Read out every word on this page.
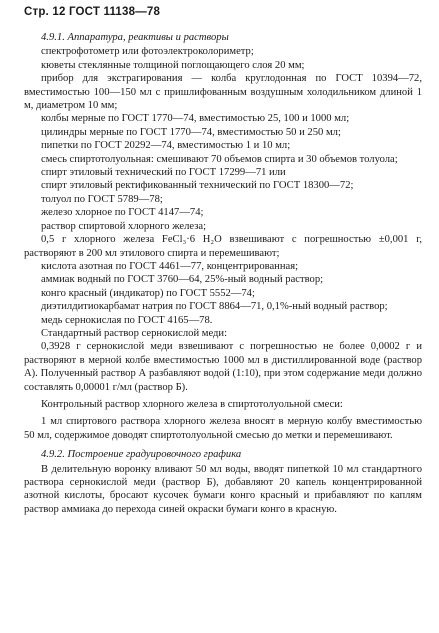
Стр. 12 ГОСТ 11138—78

4.9.1. Аппаратура, реактивы и растворы

спектрофотометр или фотоэлектроколориметр;

кюветы стеклянные толщиной поглощающего слоя 20 мм;

прибор для экстрагирования — колба круглодонная по ГОСТ 10394—72, вместимостью 100—150 мл с пришлифованным воздушным холодильником длиной 1 м, диаметром 10 мм;

колбы мерные по ГОСТ 1770—74, вместимостью 25, 100 и 1000 мл;

цилиндры мерные по ГОСТ 1770—74, вместимостью 50 и 250 мл;

пипетки по ГОСТ 20292—74, вместимостью 1 и 10 мл;

смесь спиртотолуольная: смешивают 70 объемов спирта и 30 объемов толуола;

спирт этиловый технический по ГОСТ 17299—71 или

спирт этиловый ректификованный технический по ГОСТ 18300—72;

толуол по ГОСТ 5789—78;

железо хлорное по ГОСТ 4147—74;

раствор спиртовой хлорного железа;

0,5 г хлорного железа FeCl₃·6 H₂O взвешивают с погрешностью ±0,001 г, растворяют в 200 мл этилового спирта и перемешивают;

кислота азотная по ГОСТ 4461—77, концентрированная;

аммиак водный по ГОСТ 3760—64, 25%-ный водный раствор;

конго красный (индикатор) по ГОСТ 5552—74;

диэтилдитиокарбамат натрия по ГОСТ 8864—71, 0,1%-ный водный раствор;

медь сернокислая по ГОСТ 4165—78.

Стандартный раствор сернокислой меди:

0,3928 г сернокислой меди взвешивают с погрешностью не более 0,0002 г и растворяют в мерной колбе вместимостью 1000 мл в дистиллированной воде (раствор А). Полученный раствор А разбавляют водой (1:10), при этом содержание меди должно составлять 0,00001 г/мл (раствор Б).

Контрольный раствор хлорного железа в спиртотолуольной смеси:

1 мл спиртового раствора хлорного железа вносят в мерную колбу вместимостью 50 мл, содержимое доводят спиртотолуольной смесью до метки и перемешивают.

4.9.2. Построение градуировочного графика

В делительную воронку вливают 50 мл воды, вводят пипеткой 10 мл стандартного раствора сернокислой меди (раствор Б), добавляют 20 капель концентрированной азотной кислоты, бросают кусочек бумаги конго красный и прибавляют по каплям раствор аммиака до перехода синей окраски бумаги конго в красную.
